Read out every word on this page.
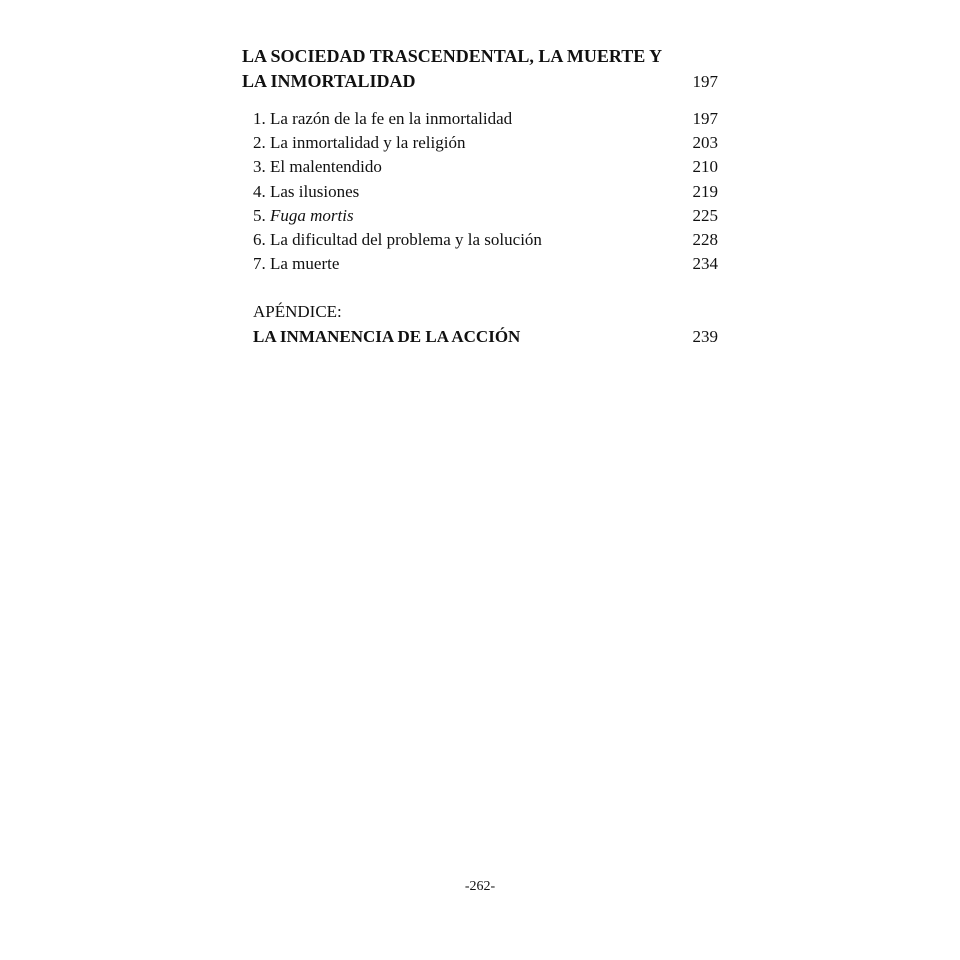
LA SOCIEDAD TRASCENDENTAL, LA MUERTE Y LA INMORTALIDAD	197
1. La razón de la fe en la inmortalidad	197
2. La inmortalidad y la religión	203
3. El malentendido	210
4. Las ilusiones	219
5. Fuga mortis	225
6. La dificultad del problema y la solución	228
7. La muerte	234
APÉNDICE:
LA INMANENCIA DE LA ACCIÓN	239
-262-
